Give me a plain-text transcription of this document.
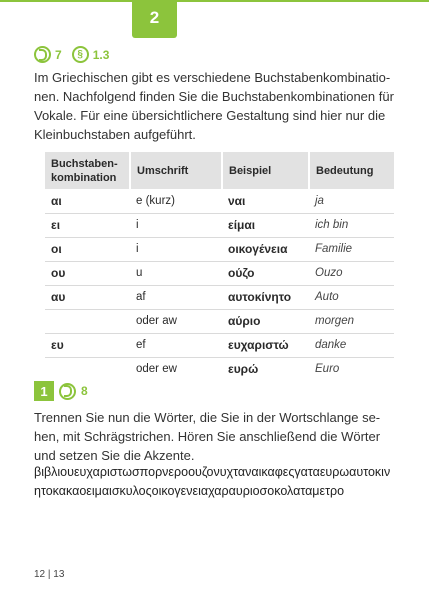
2
7	§ 1.3

Im Griechischen gibt es verschiedene Buchstabenkombinationen. Nachfolgend finden Sie die Buchstabenkombinationen für Vokale. Für eine übersichtlichere Gestaltung sind hier nur die Kleinbuchstaben aufgeführt.

Buchstabenkombination	Umschrift	Beispiel	Bedeutung
αι	e (kurz)	ναι	ja
ει	i	είμαι	ich bin
οι	i	οικογένεια	Familie
ου	u	ούζο	Ouzo
αυ	af	αυτοκίνητο	Auto
	oder aw	αύριο	morgen
ευ	ef	ευχαριστώ	danke
	oder ew	ευρώ	Euro
1	8

Trennen Sie nun die Wörter, die Sie in der Wortschlange sehen, mit Schrägstrichen. Hören Sie anschließend die Wörter und setzen Sie die Akzente.

βιβλιουευχαριστωσπορνεροουζονυχταναικαφεςγαταευρωαυτοκινητοκακαοειμαισκυλοςοικογενειαχαραυριοσοκολαταμετρο

12 | 13
